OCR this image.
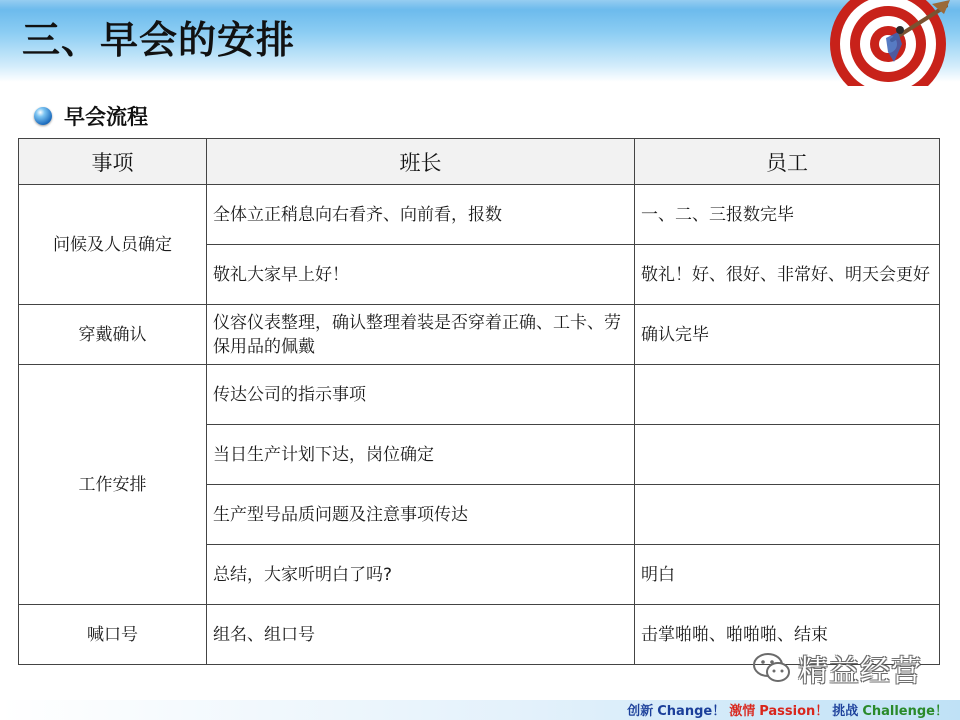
三、早会的安排
早会流程
事项	班长	员工
问候及人员确定	全体立正稍息向右看齐、向前看，报数	一、二、三报数完毕
	敬礼大家早上好！	敬礼！好、很好、非常好、明天会更好
穿戴确认	仪容仪表整理，确认整理着装是否穿着正确、工卡、劳保用品的佩戴	确认完毕
工作安排	传达公司的指示事项	
	当日生产计划下达，岗位确定	
	生产型号品质问题及注意事项传达	
	总结，大家听明白了吗?	明白
喊口号	组名、组口号	击掌啪啪、啪啪啪、结束
精益经营
创新 Change！ 激情 Passion！ 挑战 Challenge！
